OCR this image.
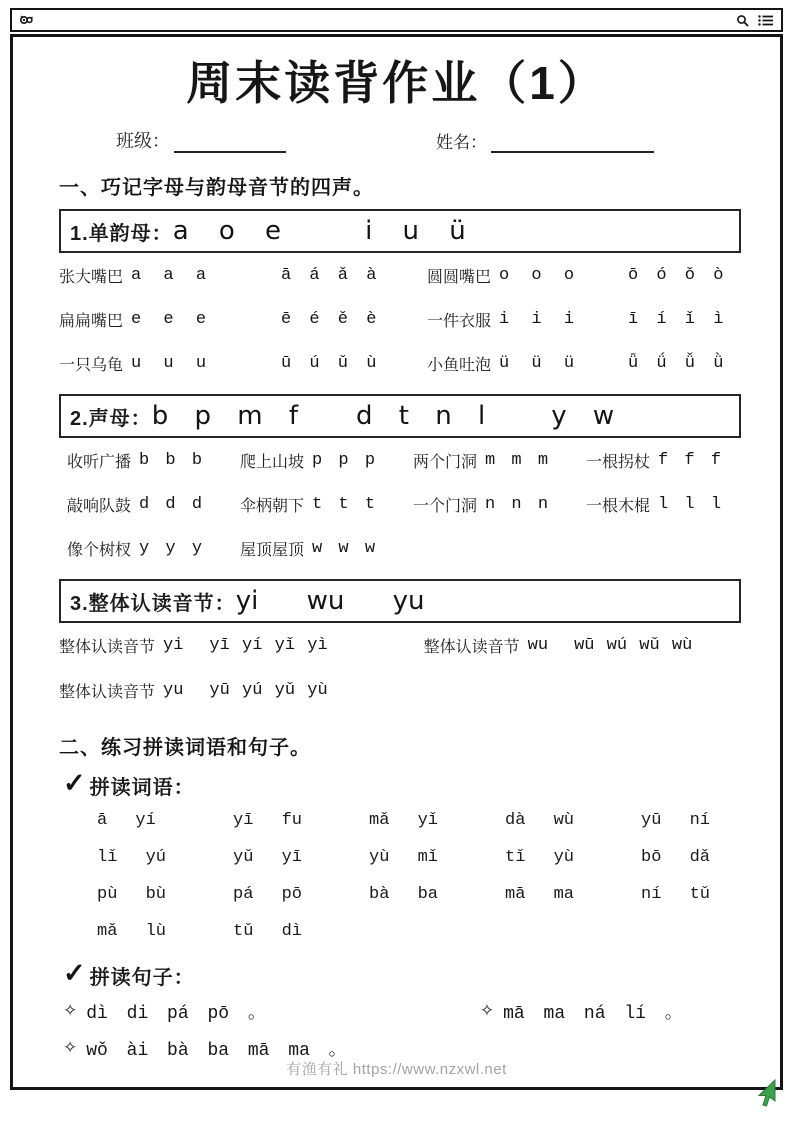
周末读背作业（1）
班级：	姓名：
一、巧记字母与韵母音节的四声。
1.单韵母： a o e	i u ü
张大嘴巴 a a a	ā á ǎ à	圆圆嘴巴 o o o	ō ó ǒ ò
扁扁嘴巴 e e e	ē é ě è	一件衣服 i i i	ī í ǐ ì
一只乌龟 u u u	ū ú ǔ ù	小鱼吐泡 ü ü ü	ǖ ǘ ǚ ǜ
2.声母： b p m f d t n l	y w
收听广播 b b b 爬上山坡 p p p 两个门洞 m m m 一根拐杖 f f f
敲响队鼓 d d d 伞柄朝下 t t t 一个门洞 n n n 一根木棍 l l l
像个树杈 y y y 屋顶屋顶 w w w
3.整体认读音节： yi wu yu
整体认读音节 yi yī yí yǐ yì	整体认读音节 wu wū wú wǔ wù
整体认读音节 yu yū yú yǔ yù
二、练习拼读词语和句子。
✓ 拼读词语：
ā yí	yī fu	mǎ yǐ	dà wù	yū ní
lǐ yú	yǔ yī	yù mǐ	tǐ yù	bō dǎ
pù bù	pá pō	bà ba	mā ma	ní tǔ
mǎ lù	tǔ dì
✓ 拼读句子：
✧ dì di pá pō 。	✧ mā ma ná lí 。
✧ wǒ ài bà ba mā ma 。
有渔有礼 https://www.nzxwl.net
